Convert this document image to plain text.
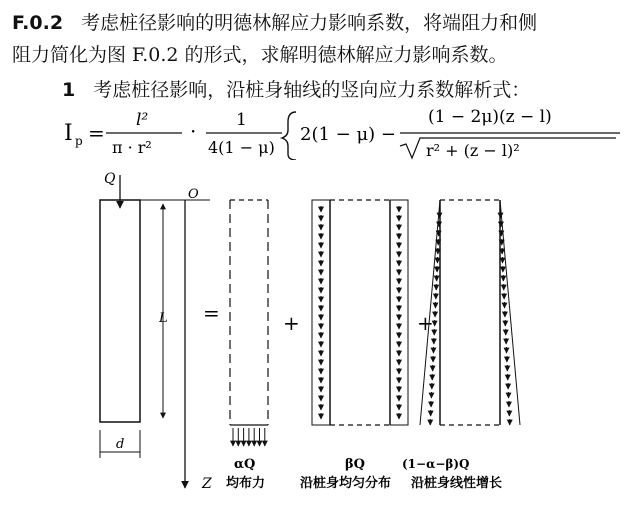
F.0.2 考虑桩径影响的明德林解应力影响系数，将端阻力和侧
阻力简化为图 F.0.2 的形式，求解明德林解应力影响系数。
1 考虑桩径影响，沿桩身轴线的竖向应力系数解析式：
I p =
l²
π · r²
· 1
4(1 − μ)
2(1 − μ) −
(1 − 2μ)(z − l)
r² + (z − l)²
Q
d
O
L
Z
=
αQ
均布力
+
βQ
+
(1−α−β)Q
沿桩身均匀分布 沿桩身线性增长
